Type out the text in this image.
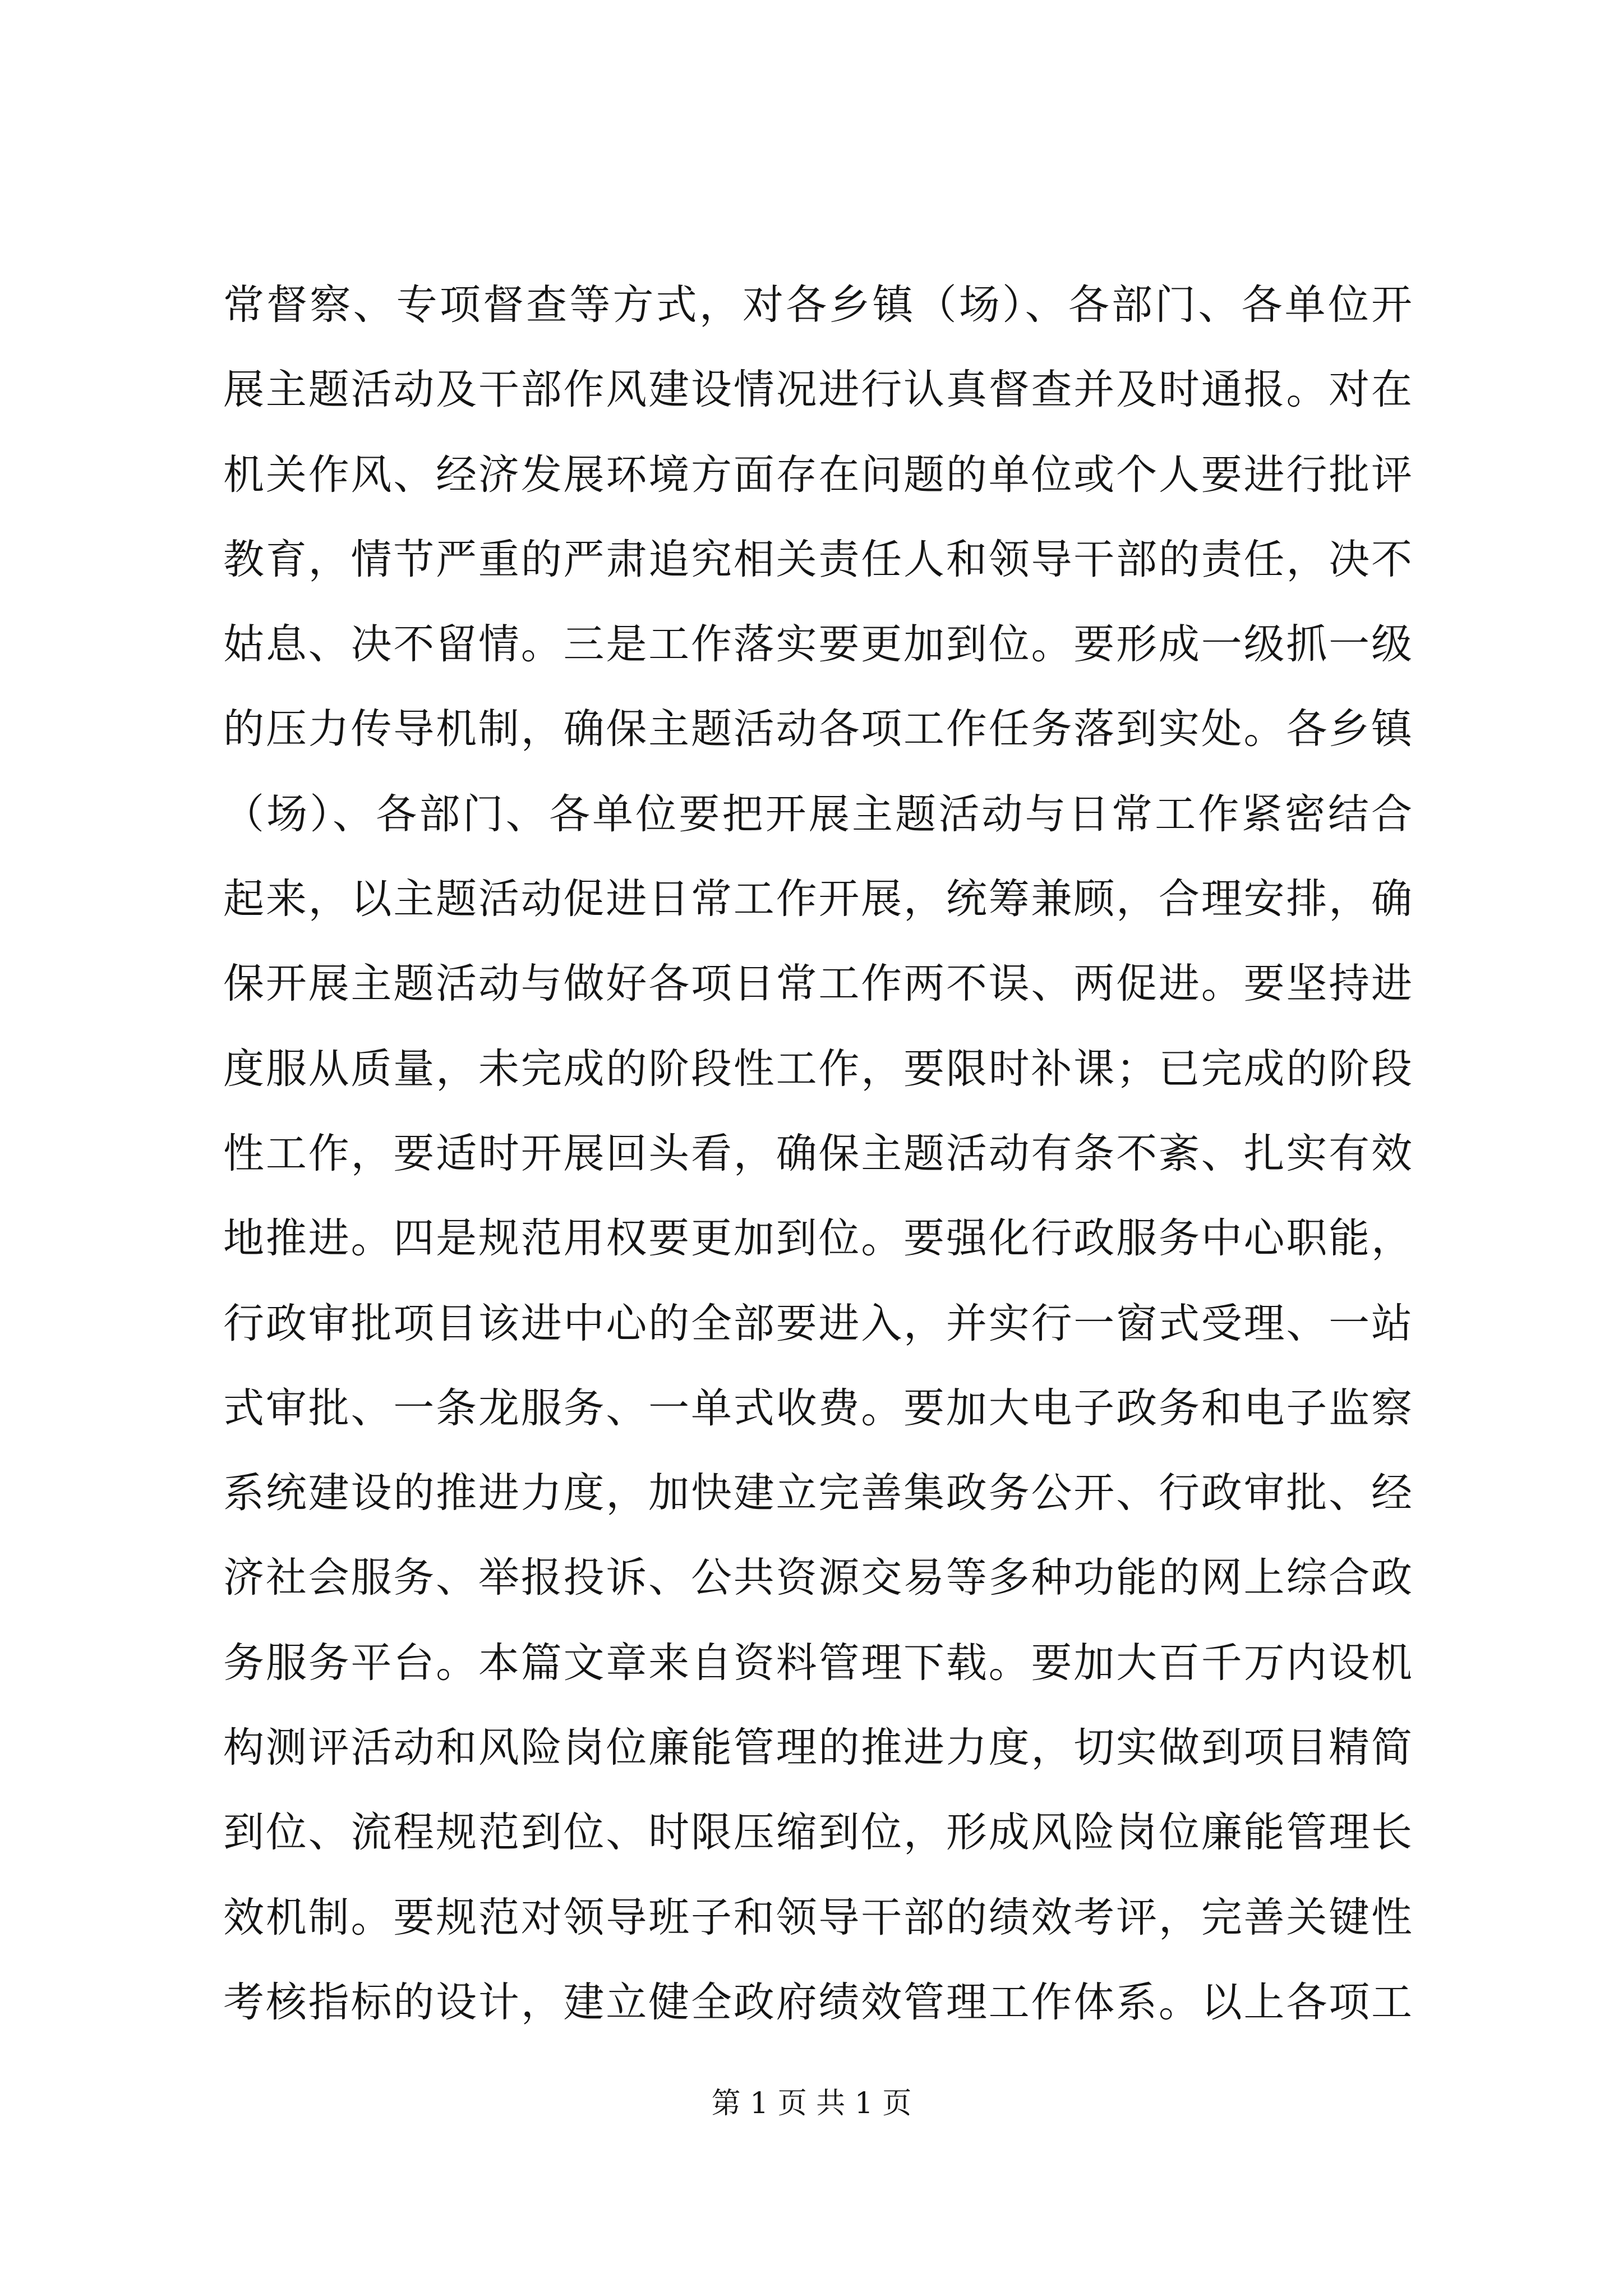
常督察、专项督查等方式，对各乡镇（场）、各部门、各单位开
展主题活动及干部作风建设情况进行认真督查并及时通报。对在
机关作风、经济发展环境方面存在问题的单位或个人要进行批评
教育，情节严重的严肃追究相关责任人和领导干部的责任，决不
姑息、决不留情。三是工作落实要更加到位。要形成一级抓一级
的压力传导机制，确保主题活动各项工作任务落到实处。各乡镇
（场）、各部门、各单位要把开展主题活动与日常工作紧密结合
起来，以主题活动促进日常工作开展，统筹兼顾，合理安排，确
保开展主题活动与做好各项日常工作两不误、两促进。要坚持进
度服从质量，未完成的阶段性工作，要限时补课；已完成的阶段
性工作，要适时开展回头看，确保主题活动有条不紊、扎实有效
地推进。四是规范用权要更加到位。要强化行政服务中心职能，
行政审批项目该进中心的全部要进入，并实行一窗式受理、一站
式审批、一条龙服务、一单式收费。要加大电子政务和电子监察
系统建设的推进力度，加快建立完善集政务公开、行政审批、经
济社会服务、举报投诉、公共资源交易等多种功能的网上综合政
务服务平台。本篇文章来自资料管理下载。要加大百千万内设机
构测评活动和风险岗位廉能管理的推进力度，切实做到项目精简
到位、流程规范到位、时限压缩到位，形成风险岗位廉能管理长
效机制。要规范对领导班子和领导干部的绩效考评，完善关键性
考核指标的设计，建立健全政府绩效管理工作体系。以上各项工
第 1 页 共 1 页
